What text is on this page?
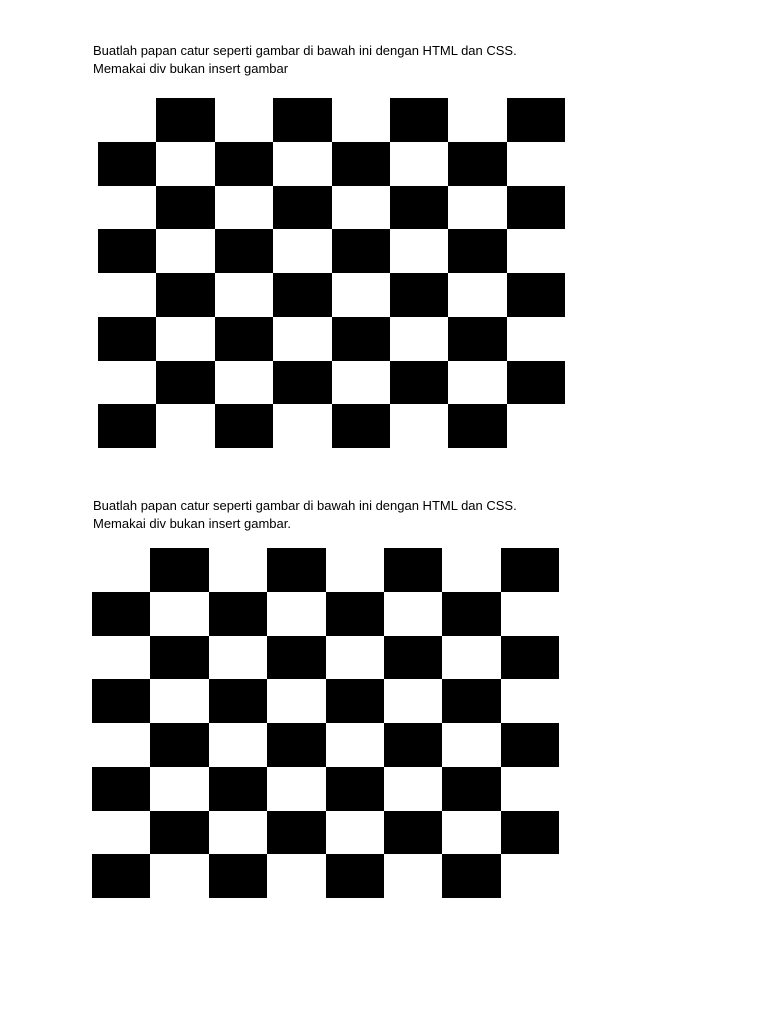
Buatlah papan catur seperti gambar di bawah ini dengan HTML dan CSS.
Memakai div bukan insert gambar
Buatlah papan catur seperti gambar di bawah ini dengan HTML dan CSS.
Memakai div bukan insert gambar.
